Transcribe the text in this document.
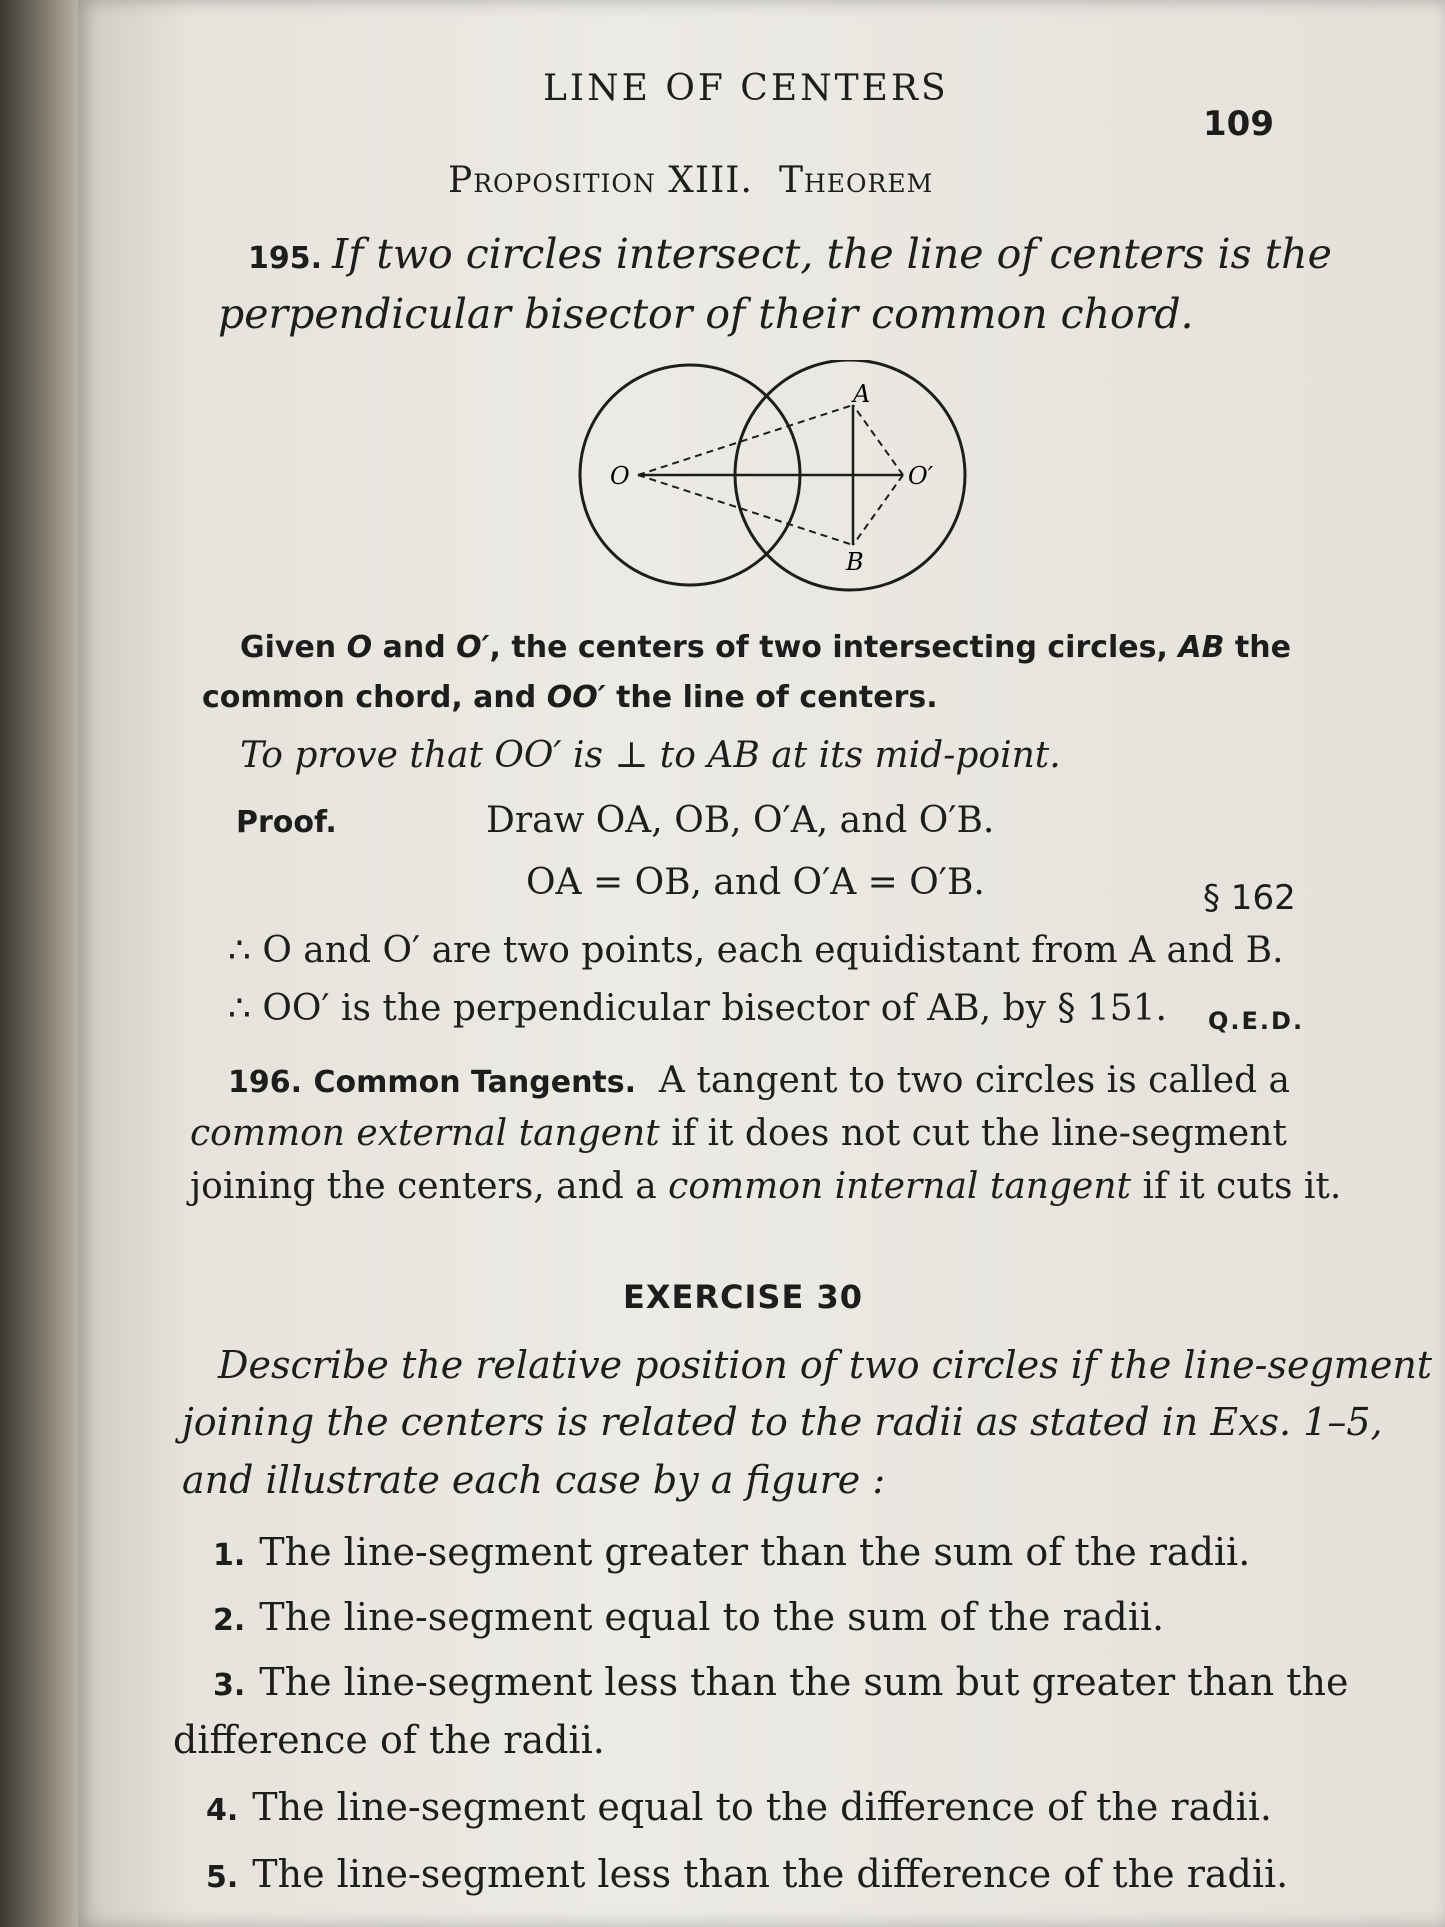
LINE OF CENTERS
109
Proposition XIII. Theorem
195. If two circles intersect, the line of centers is the
perpendicular bisector of their common chord.
A
B
O	O′
Given O and O′, the centers of two intersecting circles, AB the
common chord, and OO′ the line of centers.
To prove that OO′ is ⊥ to AB at its mid-point.
Proof.	Draw OA, OB, O′A, and O′B.
OA = OB, and O′A = O′B.	§ 162
∴ O and O′ are two points, each equidistant from A and B.
∴ OO′ is the perpendicular bisector of AB, by § 151. Q.E.D.
196. Common Tangents. A tangent to two circles is called a
common external tangent if it does not cut the line-segment
joining the centers, and a common internal tangent if it cuts it.
EXERCISE 30
Describe the relative position of two circles if the line-segment
joining the centers is related to the radii as stated in Exs. 1–5,
and illustrate each case by a figure :
1. The line-segment greater than the sum of the radii.
2. The line-segment equal to the sum of the radii.
3. The line-segment less than the sum but greater than the
difference of the radii.
4. The line-segment equal to the difference of the radii.
5. The line-segment less than the difference of the radii.
